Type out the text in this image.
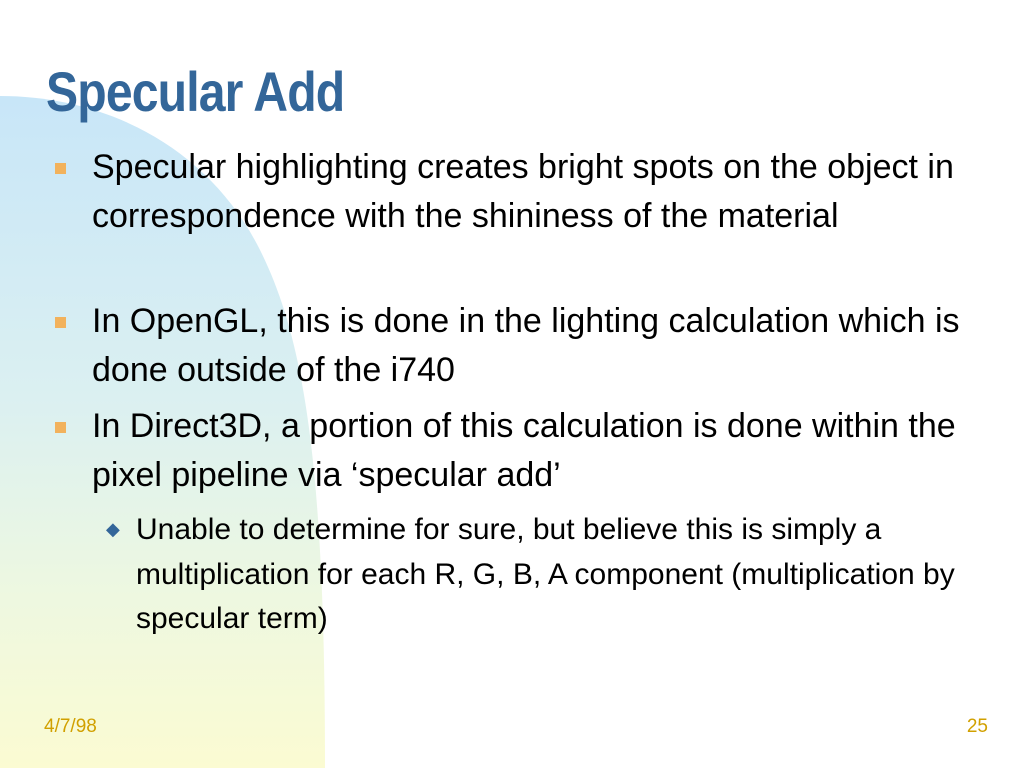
Specular Add

Specular highlighting creates bright spots on the object in correspondence with the shininess of the material

In OpenGL, this is done in the lighting calculation which is done outside of the i740

In Direct3D, a portion of this calculation is done within the pixel pipeline via ‘specular add’

◆ Unable to determine for sure, but believe this is simply a multiplication for each R, G, B, A component (multiplication by specular term)

4/7/98	25
